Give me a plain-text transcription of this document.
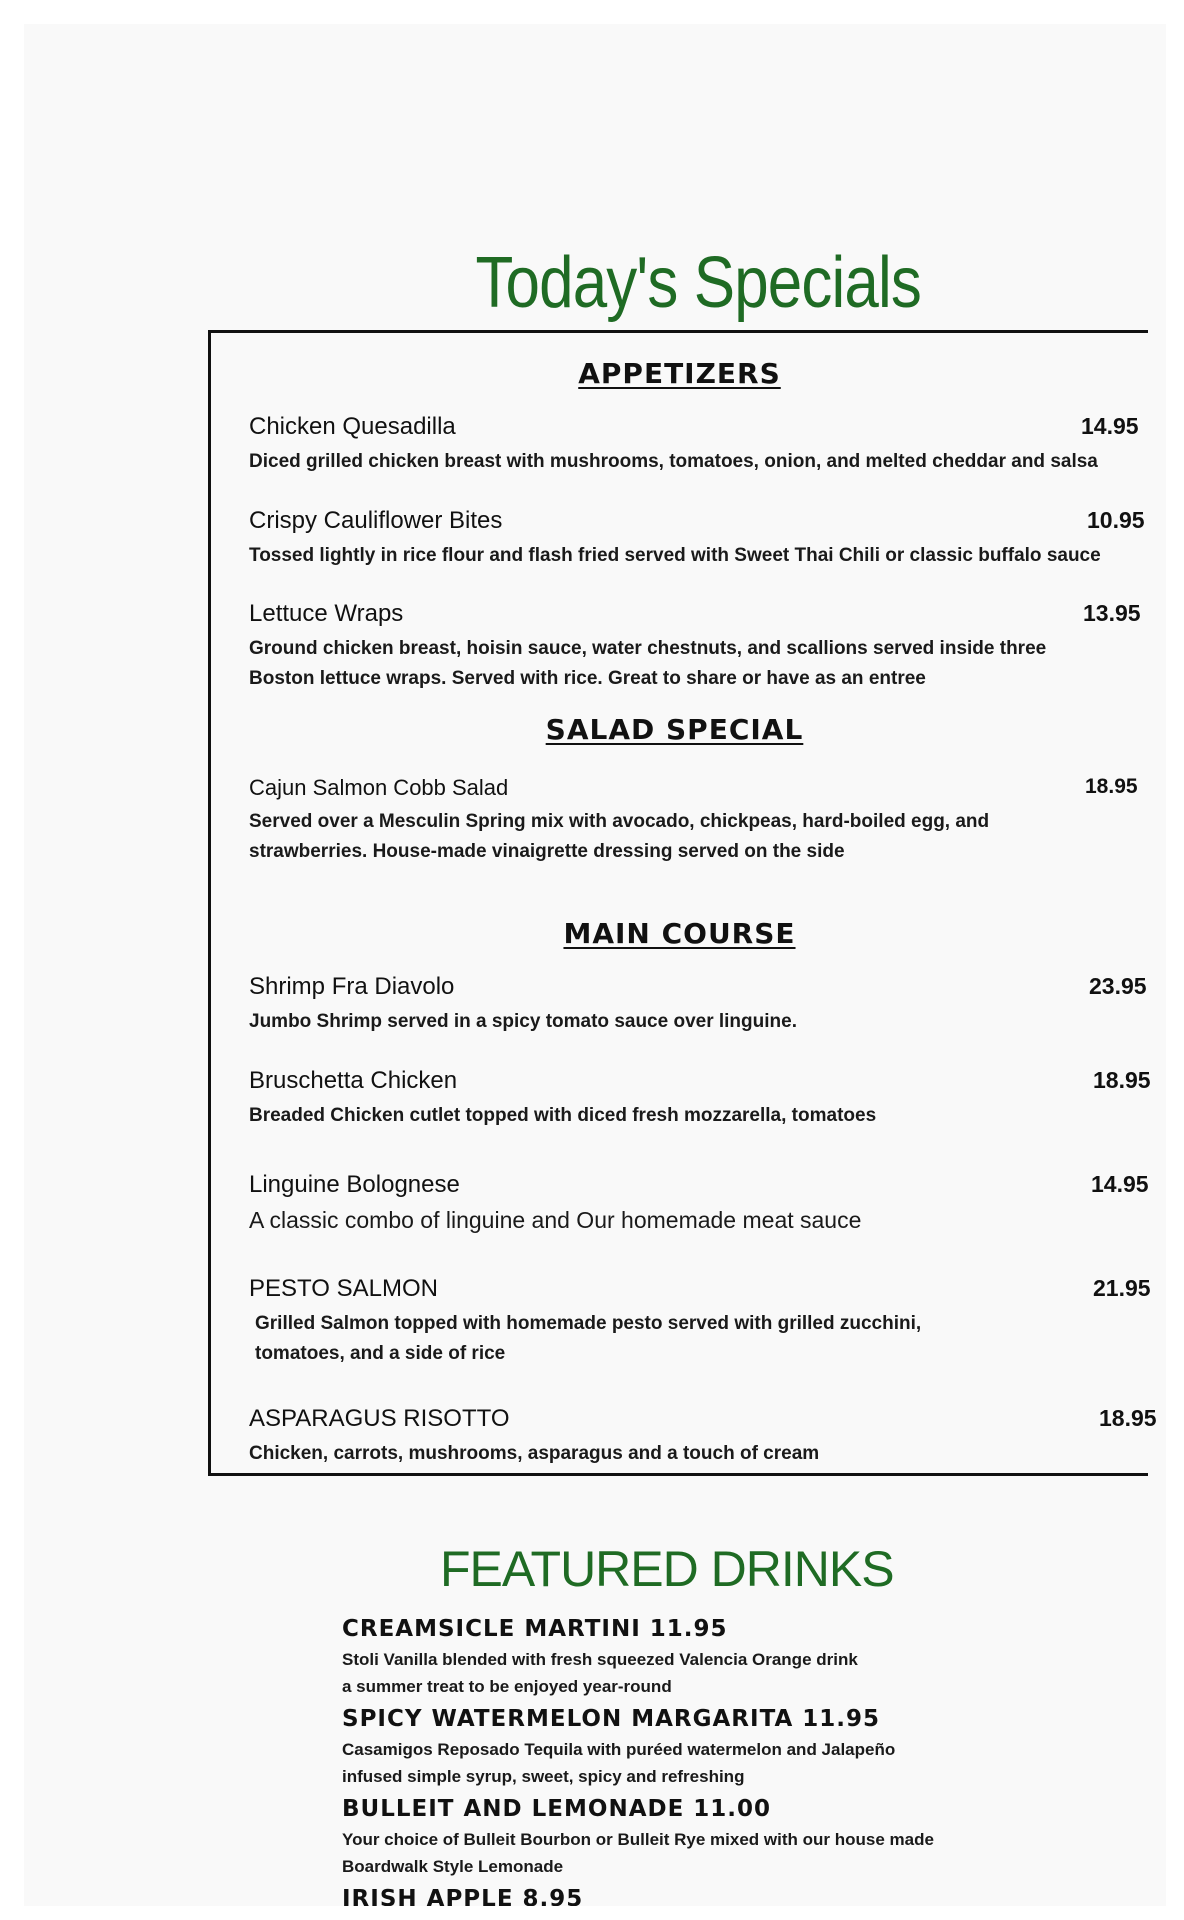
Today's Specials
APPETIZERS
Chicken Quesadilla	14.95
Diced grilled chicken breast with mushrooms, tomatoes, onion, and melted cheddar and salsa
Crispy Cauliflower Bites	10.95
Tossed lightly in rice flour and flash fried served with Sweet Thai Chili or classic buffalo sauce
Lettuce Wraps	13.95
Ground chicken breast, hoisin sauce, water chestnuts, and scallions served inside three Boston lettuce wraps. Served with rice. Great to share or have as an entree
SALAD SPECIAL
Cajun Salmon Cobb Salad	18.95
Served over a Mesculin Spring mix with avocado, chickpeas, hard-boiled egg, and strawberries. House-made vinaigrette dressing served on the side
MAIN COURSE
Shrimp Fra Diavolo	23.95
Jumbo Shrimp served in a spicy tomato sauce over linguine.
Bruschetta Chicken	18.95
Breaded Chicken cutlet topped with diced fresh mozzarella, tomatoes
Linguine Bolognese	14.95
A classic combo of linguine and Our homemade meat sauce
PESTO SALMON	21.95
Grilled Salmon topped with homemade pesto served with grilled zucchini, tomatoes, and a side of rice
ASPARAGUS RISOTTO	18.95
Chicken, carrots, mushrooms, asparagus and a touch of cream
FEATURED DRINKS
CREAMSICLE MARTINI 11.95
Stoli Vanilla blended with fresh squeezed Valencia Orange drink
a summer treat to be enjoyed year-round
SPICY WATERMELON MARGARITA 11.95
Casamigos Reposado Tequila with puréed watermelon and Jalapeño
infused simple syrup, sweet, spicy and refreshing
BULLEIT AND LEMONADE 11.00
Your choice of Bulleit Bourbon or Bulleit Rye mixed with our house made
Boardwalk Style Lemonade
IRISH APPLE 8.95
